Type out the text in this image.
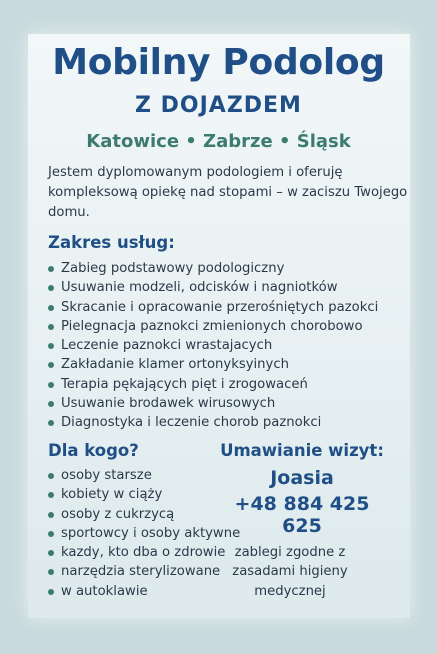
Mobilny Podolog
Z DOJAZDEM
Katowice • Zabrze • Śląsk
Jestem dyplomowanym podologiem i oferuję kompleksową opiekę nad stopami – w zaciszu Twojego domu.
Zakres usług:
Zabieg podstawowy podologiczny
Usuwanie modzeli, odcisków i nagniotków
Skracanie i opracowanie przerośniętych pazokci
Pielegnacja paznokci zmienionych chorobowo
Leczenie paznokci wrastajacych
Zakładanie klamer ortonyksyinych
Terapia pękających pięt i zrogowaceń
Usuwanie brodawek wirusowych
Diagnostyka i leczenie chorob paznokci
Dla kogo?
osoby starsze
kobiety w ciąży
osoby z cukrzycą
sportowcy i osoby aktywne
kazdy, kto dba o zdrowie
narzędzia sterylizowane
w autoklawie
Umawianie wizyt:
Joasia
+48 884 425 625
zablegi zgodne z zasadami higieny medycznej
